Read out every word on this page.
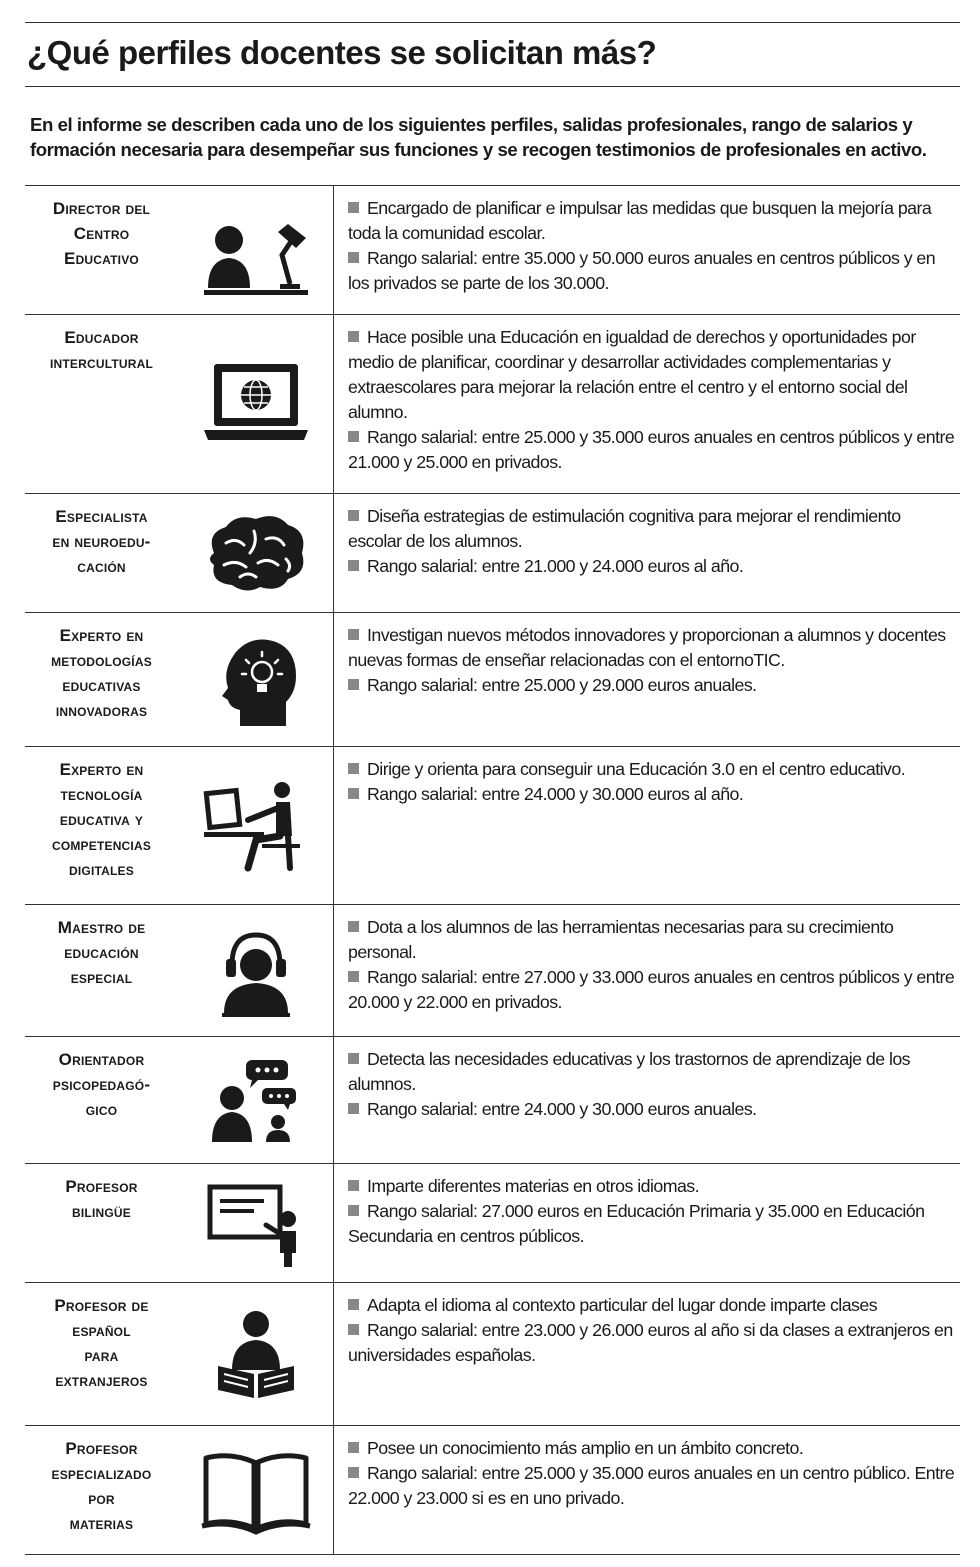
¿Qué perfiles docentes se solicitan más?

En el informe se describen cada uno de los siguientes perfiles, salidas profesionales, rango de salarios y formación necesaria para desempeñar sus funciones y se recogen testimonios de profesionales en activo.

Director del
Centro
Educativo

Encargado de planificar e impulsar las medidas que busquen la mejoría para toda la comunidad escolar.

Rango salarial: entre 35.000 y 50.000 euros anuales en centros públicos y en los privados se parte de los 30.000.

Educador
intercultural

Hace posible una Educación en igualdad de derechos y oportunidades por medio de planificar, coordinar y desarrollar actividades complementarias y extraescolares para mejorar la relación entre el centro y el entorno social del alumno.

Rango salarial: entre 25.000 y 35.000 euros anuales en centros públicos y entre 21.000 y 25.000 en privados.

Especialista
en neuroedu-
cación

Diseña estrategias de estimulación cognitiva para mejorar el rendimiento escolar de los alumnos.

Rango salarial: entre 21.000 y 24.000 euros al año.

Experto en
metodologías
educativas
innovadoras

Investigan nuevos métodos innovadores y proporcionan a alumnos y docentes nuevas formas de enseñar relacionadas con el entornoTIC.

Rango salarial: entre 25.000 y 29.000 euros anuales.

Experto en
tecnología
educativa y
competencias
digitales

Dirige y orienta para conseguir una Educación 3.0 en el centro educativo.

Rango salarial: entre 24.000 y 30.000 euros al año.

Maestro de
educación
especial

Dota a los alumnos de las herramientas necesarias para su crecimiento personal.

Rango salarial: entre 27.000 y 33.000 euros anuales en centros públicos y entre 20.000 y 22.000 en privados.

Orientador
psicopedagó-
gico

Detecta las necesidades educativas y los trastornos de aprendizaje de los alumnos.

Rango salarial: entre 24.000 y 30.000 euros anuales.

Profesor
bilingüe

Imparte diferentes materias en otros idiomas.

Rango salarial: 27.000 euros en Educación Primaria y 35.000 en Educación Secundaria en centros públicos.

Profesor de
español
para
extranjeros

Adapta el idioma al contexto particular del lugar donde imparte clases

Rango salarial: entre 23.000 y 26.000 euros al año si da clases a extranjeros en universidades españolas.

Profesor
especializado
por
materias

Posee un conocimiento más amplio en un ámbito concreto.

Rango salarial: entre 25.000 y 35.000 euros anuales en un centro público. Entre 22.000 y 23.000 si es en uno privado.
